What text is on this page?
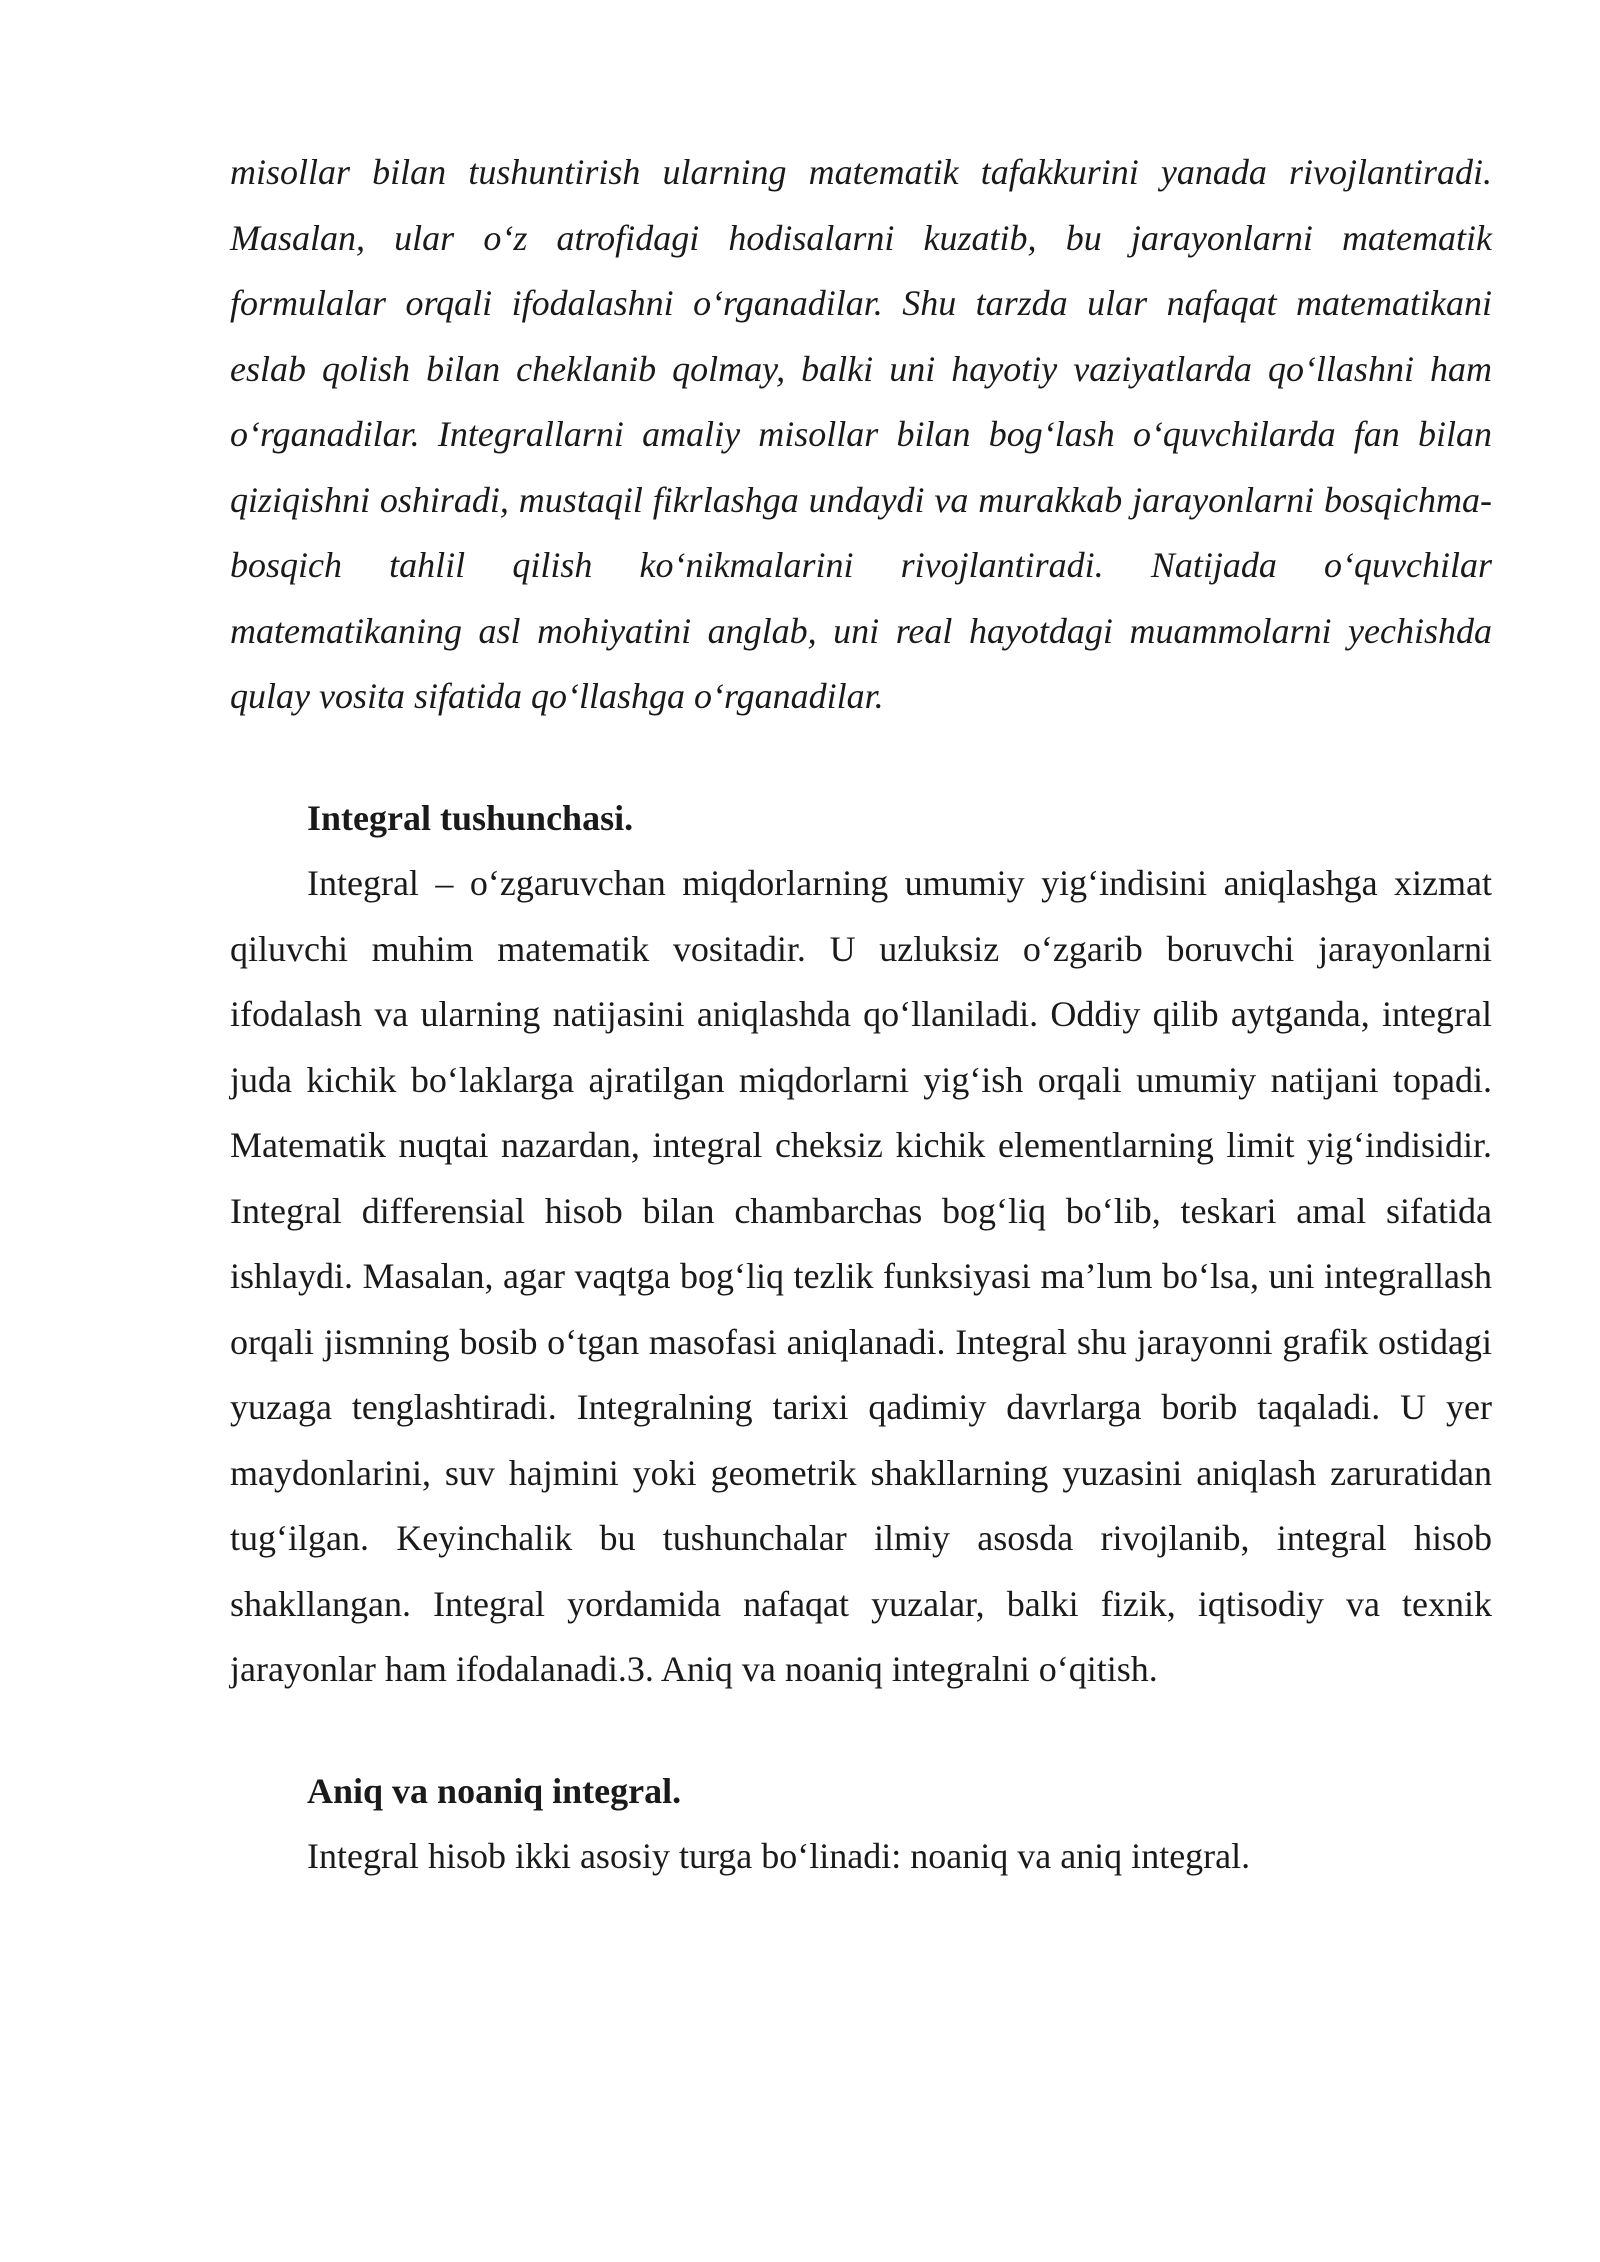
misollar bilan tushuntirish ularning matematik tafakkurini yanada rivojlantiradi. Masalan, ular o‘z atrofidagi hodisalarni kuzatib, bu jarayonlarni matematik formulalar orqali ifodalashni o‘rganadilar. Shu tarzda ular nafaqat matematikani eslab qolish bilan cheklanib qolmay, balki uni hayotiy vaziyatlarda qo‘llashni ham o‘rganadilar. Integrallarni amaliy misollar bilan bog‘lash o‘quvchilarda fan bilan qiziqishni oshiradi, mustaqil fikrlashga undaydi va murakkab jarayonlarni bosqichma-bosqich tahlil qilish ko‘nikmalarini rivojlantiradi. Natijada o‘quvchilar matematikaning asl mohiyatini anglab, uni real hayotdagi muammolarni yechishda qulay vosita sifatida qo‘llashga o‘rganadilar.

Integral tushunchasi.

Integral – o‘zgaruvchan miqdorlarning umumiy yig‘indisini aniqlashga xizmat qiluvchi muhim matematik vositadir. U uzluksiz o‘zgarib boruvchi jarayonlarni ifodalash va ularning natijasini aniqlashda qo‘llaniladi. Oddiy qilib aytganda, integral juda kichik bo‘laklarga ajratilgan miqdorlarni yig‘ish orqali umumiy natijani topadi. Matematik nuqtai nazardan, integral cheksiz kichik elementlarning limit yig‘indisidir. Integral differensial hisob bilan chambarchas bog‘liq bo‘lib, teskari amal sifatida ishlaydi. Masalan, agar vaqtga bog‘liq tezlik funksiyasi ma’lum bo‘lsa, uni integrallash orqali jismning bosib o‘tgan masofasi aniqlanadi. Integral shu jarayonni grafik ostidagi yuzaga tenglashtiradi. Integralning tarixi qadimiy davrlarga borib taqaladi. U yer maydonlarini, suv hajmini yoki geometrik shakllarning yuzasini aniqlash zaruratidan tug‘ilgan. Keyinchalik bu tushunchalar ilmiy asosda rivojlanib, integral hisob shakllangan. Integral yordamida nafaqat yuzalar, balki fizik, iqtisodiy va texnik jarayonlar ham ifodalanadi.3. Aniq va noaniq integralni o‘qitish.

Aniq va noaniq integral.

Integral hisob ikki asosiy turga bo‘linadi: noaniq va aniq integral.
